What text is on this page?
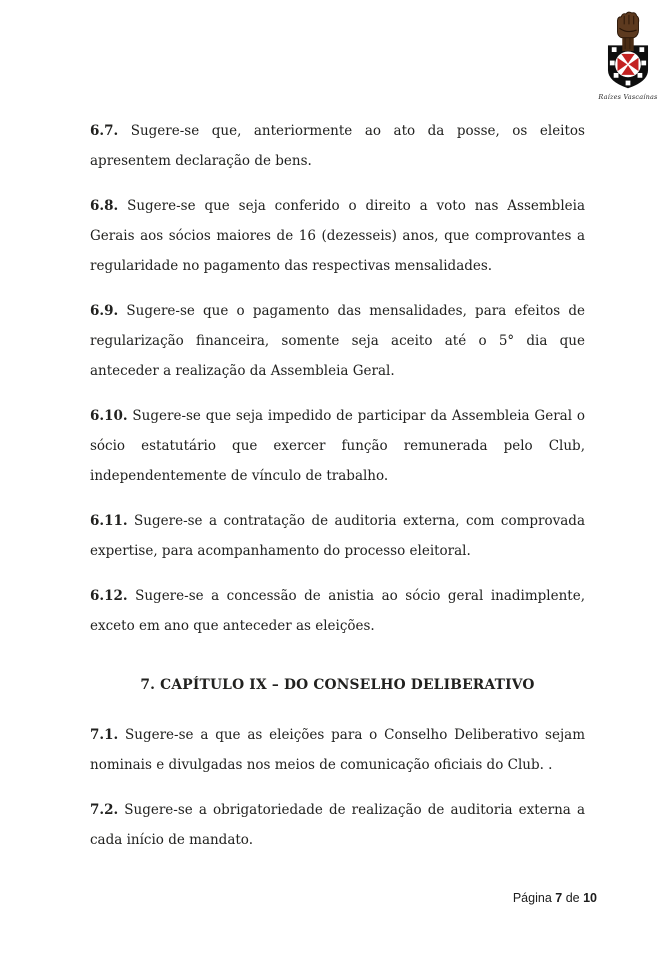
Raízes Vascaínas

6.7. Sugere-se que, anteriormente ao ato da posse, os eleitos apresentem declaração de bens.

6.8. Sugere-se que seja conferido o direito a voto nas Assembleia Gerais aos sócios maiores de 16 (dezesseis) anos, que comprovantes a regularidade no pagamento das respectivas mensalidades.

6.9. Sugere-se que o pagamento das mensalidades, para efeitos de regularização financeira, somente seja aceito até o 5° dia que anteceder a realização da Assembleia Geral.

6.10. Sugere-se que seja impedido de participar da Assembleia Geral o sócio estatutário que exercer função remunerada pelo Club, independentemente de vínculo de trabalho.

6.11. Sugere-se a contratação de auditoria externa, com comprovada expertise, para acompanhamento do processo eleitoral.

6.12. Sugere-se a concessão de anistia ao sócio geral inadimplente, exceto em ano que anteceder as eleições.

7. CAPÍTULO IX – DO CONSELHO DELIBERATIVO

7.1. Sugere-se a que as eleições para o Conselho Deliberativo sejam nominais e divulgadas nos meios de comunicação oficiais do Club. .

7.2. Sugere-se a obrigatoriedade de realização de auditoria externa a cada início de mandato.

Página 7 de 10
